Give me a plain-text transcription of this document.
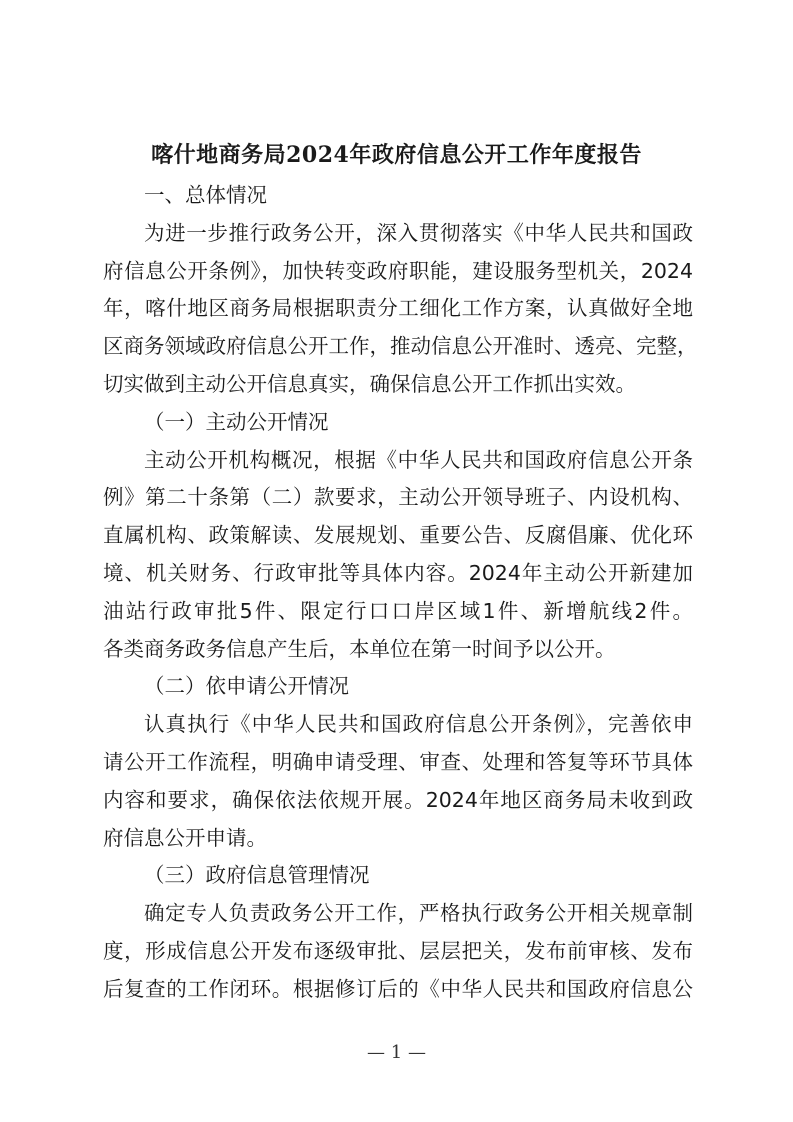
喀什地商务局2024年政府信息公开工作年度报告
一、总体情况
为进一步推行政务公开，深入贯彻落实《中华人民共和国政
府信息公开条例》，加快转变政府职能，建设服务型机关，2024
年，喀什地区商务局根据职责分工细化工作方案，认真做好全地
区商务领域政府信息公开工作，推动信息公开准时、透亮、完整，
切实做到主动公开信息真实，确保信息公开工作抓出实效。
（一）主动公开情况
主动公开机构概况，根据《中华人民共和国政府信息公开条
例》第二十条第（二）款要求，主动公开领导班子、内设机构、
直属机构、政策解读、发展规划、重要公告、反腐倡廉、优化环
境、机关财务、行政审批等具体内容。2024年主动公开新建加
油站行政审批5件、限定行口口岸区域1件、新增航线2件。
各类商务政务信息产生后，本单位在第一时间予以公开。
（二）依申请公开情况
认真执行《中华人民共和国政府信息公开条例》，完善依申
请公开工作流程，明确申请受理、审查、处理和答复等环节具体
内容和要求，确保依法依规开展。2024年地区商务局未收到政
府信息公开申请。
（三）政府信息管理情况
确定专人负责政务公开工作，严格执行政务公开相关规章制
度，形成信息公开发布逐级审批、层层把关，发布前审核、发布
后复查的工作闭环。根据修订后的《中华人民共和国政府信息公
— 1 —
